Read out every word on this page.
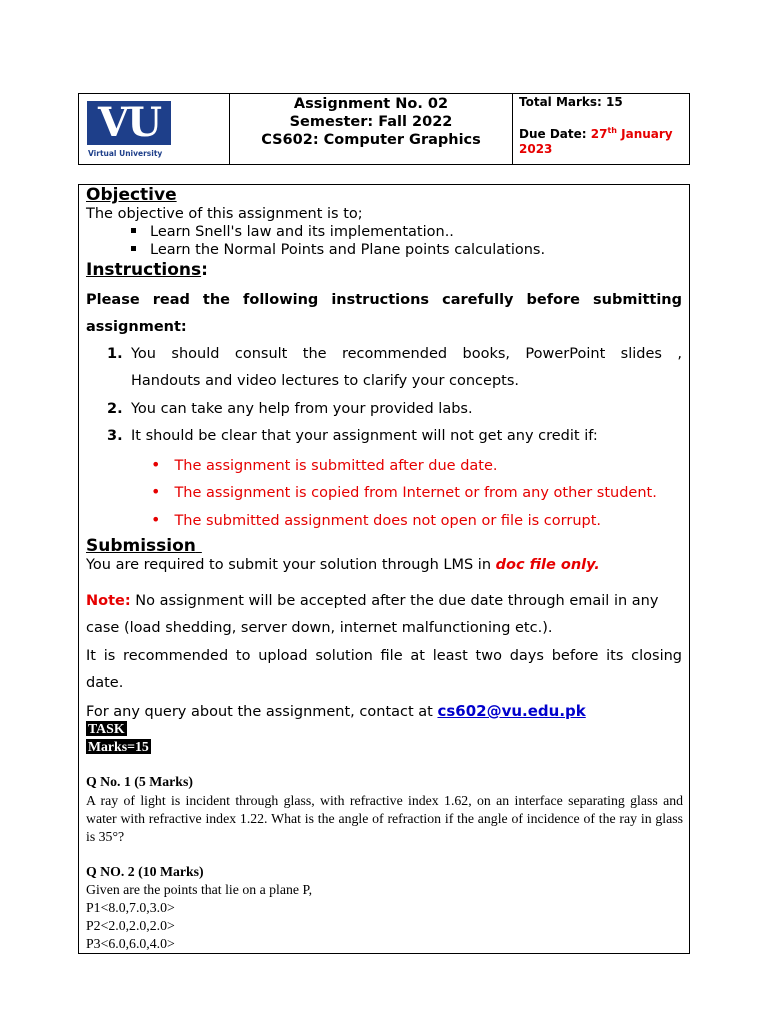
VU
Virtual University
Assignment No. 02
Semester: Fall 2022
CS602: Computer Graphics
Total Marks: 15
Due Date: 27th January
2023
Objective
The objective of this assignment is to;
Learn Snell's law and its implementation..
Learn the Normal Points and Plane points calculations.
Instructions:
Please read the following instructions carefully before submitting
assignment:
1. You should consult the recommended books, PowerPoint slides ,
Handouts and video lectures to clarify your concepts.
2. You can take any help from your provided labs.
3. It should be clear that your assignment will not get any credit if:
• The assignment is submitted after due date.
• The assignment is copied from Internet or from any other student.
• The submitted assignment does not open or file is corrupt.
Submission
You are required to submit your solution through LMS in doc file only.
Note: No assignment will be accepted after the due date through email in any
case (load shedding, server down, internet malfunctioning etc.).
It is recommended to upload solution file at least two days before its closing
date.
For any query about the assignment, contact at cs602@vu.edu.pk
TASK
Marks=15
Q No. 1 (5 Marks)
A ray of light is incident through glass, with refractive index 1.62, on an interface separating glass and water with refractive index 1.22. What is the angle of refraction if the angle of incidence of the ray in glass is 35°?
Q NO. 2 (10 Marks)
Given are the points that lie on a plane P,
P1<8.0,7.0,3.0>
P2<2.0,2.0,2.0>
P3<6.0,6.0,4.0>
